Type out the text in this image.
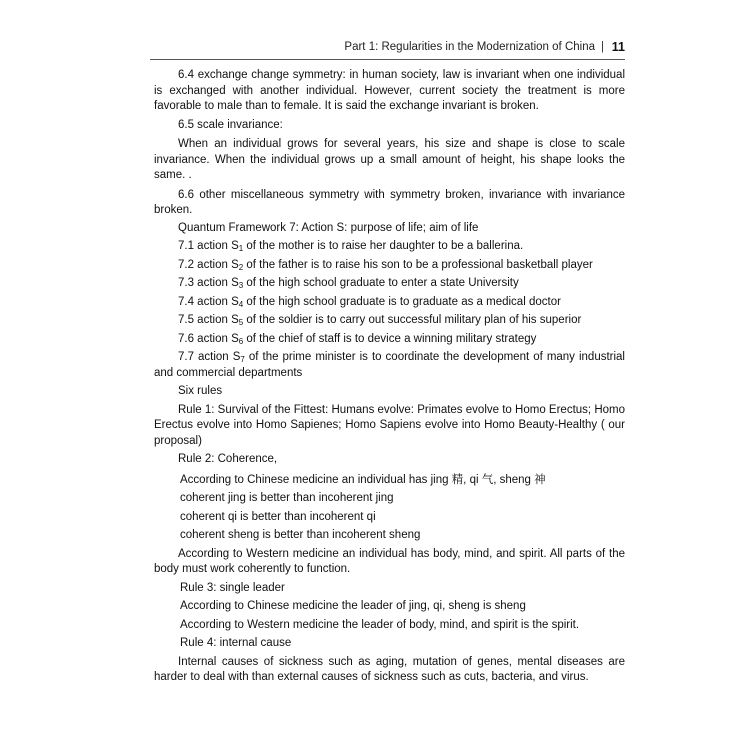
Part 1: Regularities in the Modernization of China | 11

6.4 exchange change symmetry: in human society, law is invariant when one individual is exchanged with another individual. However, current society the treatment is more favorable to male than to female. It is said the exchange invariant is broken.

6.5 scale invariance:

When an individual grows for several years, his size and shape is close to scale invariance. When the individual grows up a small amount of height, his shape looks the same. .

6.6 other miscellaneous symmetry with symmetry broken, invariance with invariance broken.

Quantum Framework 7: Action S: purpose of life; aim of life

7.1 action $S_1$ of the mother is to raise her daughter to be a ballerina.

7.2 action $S_2$ of the father is to raise his son to be a professional basketball player

7.3 action $S_3$ of the high school graduate to enter a state University

7.4 action $S_4$ of the high school graduate is to graduate as a medical doctor

7.5 action $S_5$ of the soldier is to carry out successful military plan of his superior

7.6 action $S_6$ of the chief of staff is to device a winning military strategy

7.7 action $S_7$ of the prime minister is to coordinate the development of many industrial and commercial departments

Six rules

Rule 1: Survival of the Fittest: Humans evolve: Primates evolve to Homo Erectus; Homo Erectus evolve into Homo Sapienes; Homo Sapiens evolve into Homo Beauty-Healthy ( our proposal)

Rule 2: Coherence,

According to Chinese medicine an individual has jing 精, qi 气, sheng 神

coherent jing is better than incoherent jing

coherent qi is better than incoherent qi

coherent sheng is better than incoherent sheng

According to Western medicine an individual has body, mind, and spirit. All parts of the body must work coherently to function.

Rule 3: single leader

According to Chinese medicine the leader of jing, qi, sheng is sheng

According to Western medicine the leader of body, mind, and spirit is the spirit.

Rule 4: internal cause

Internal causes of sickness such as aging, mutation of genes, mental diseases are harder to deal with than external causes of sickness such as cuts, bacteria, and virus.
